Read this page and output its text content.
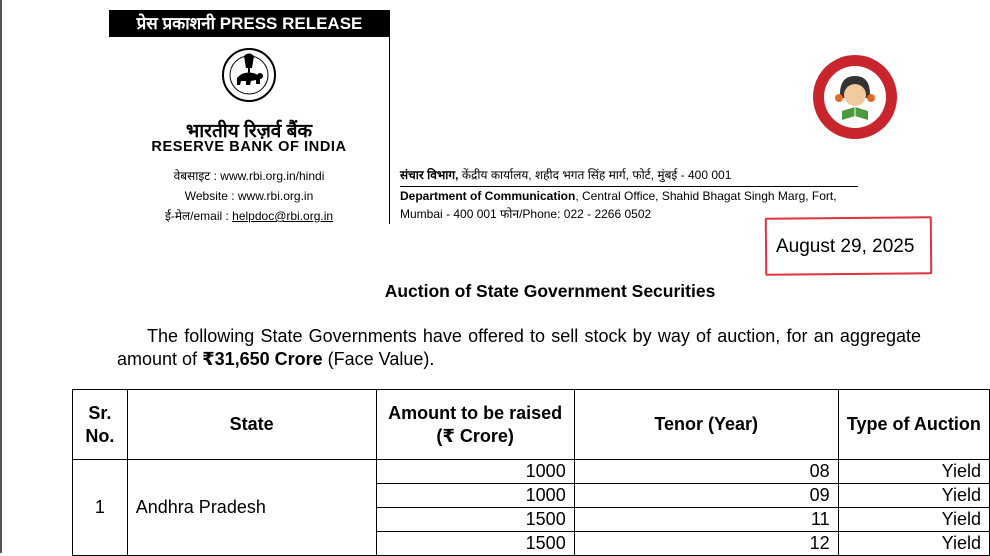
प्रेस प्रकाशनी PRESS RELEASE
भारतीय रिज़र्व बैंक
RESERVE BANK OF INDIA
वेबसाइट : www.rbi.org.in/hindi
Website : www.rbi.org.in
ई-मेल/email : helpdoc@rbi.org.in
संचार विभाग, केंद्रीय कार्यालय, शहीद भगत सिंह मार्ग, फोर्ट, मुंबई - 400 001
Department of Communication, Central Office, Shahid Bhagat Singh Marg, Fort,
Mumbai - 400 001 फोन/Phone: 022 - 2266 0502
August 29, 2025
Auction of State Government Securities
The following State Governments have offered to sell stock by way of auction, for an aggregate amount of ₹31,650 Crore (Face Value).
Sr. No.	State	Amount to be raised (₹ Crore)	Tenor (Year)	Type of Auction
1	Andhra Pradesh	1000	08	Yield
		1000	09	Yield
		1500	11	Yield
		1500	12	Yield
